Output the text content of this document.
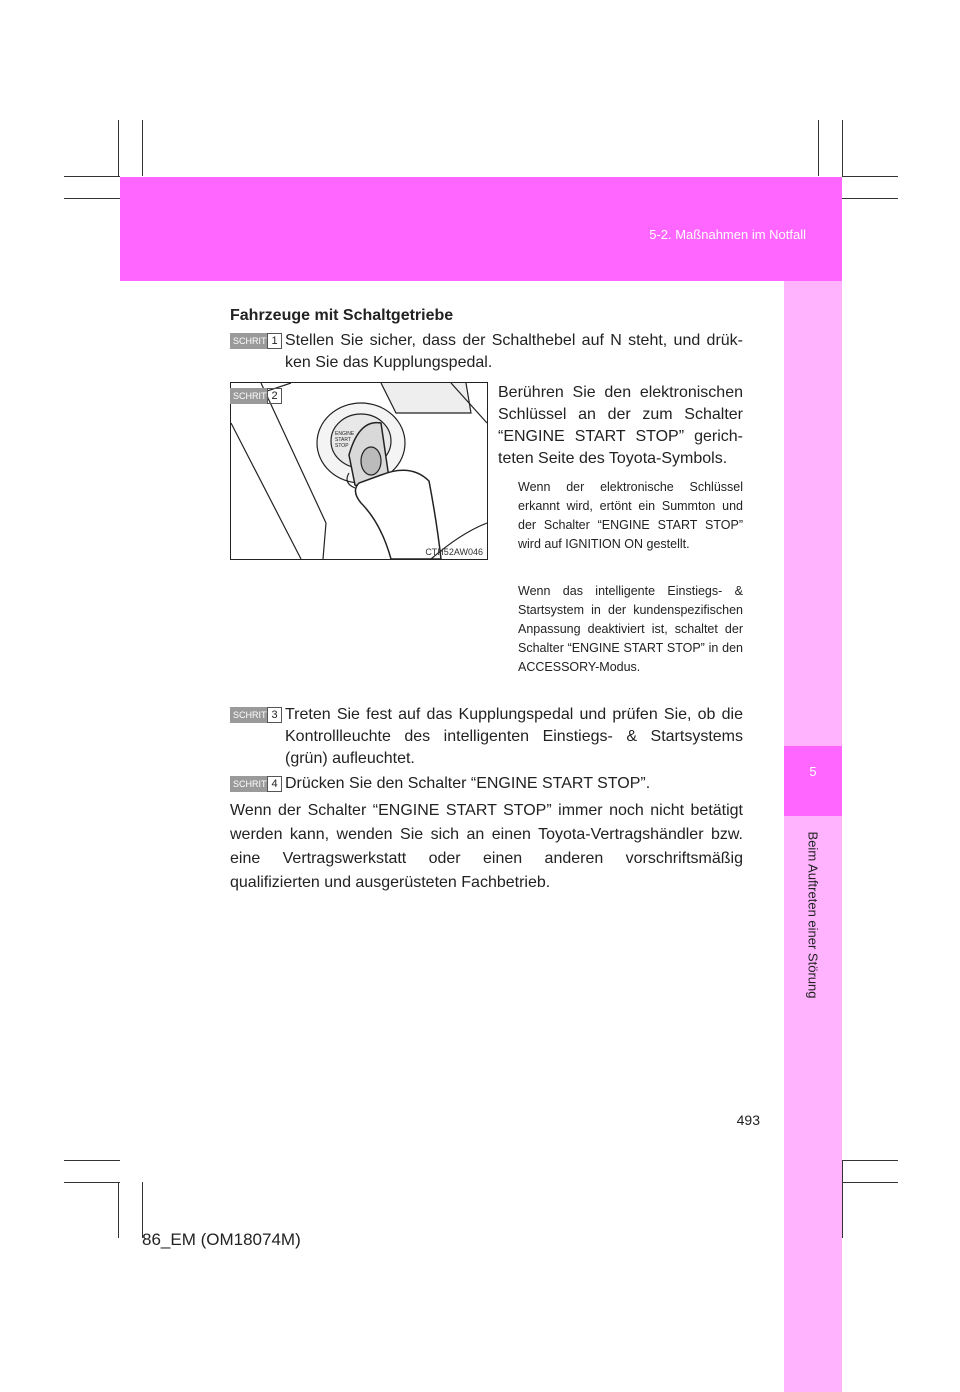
5-2. Maßnahmen im Notfall
5
Beim Auftreten einer Störung
Fahrzeuge mit Schaltgetriebe
SCHRITT 1 Stellen Sie sicher, dass der Schalthebel auf N steht, und drükken Sie das Kupplungspedal.
SCHRITT 2
ENGINE START STOP
CTH52AW046
Berühren Sie den elektronischen Schlüssel an der zum Schalter “ENGINE START STOP” gerichteten Seite des Toyota-Symbols.
Wenn der elektronische Schlüssel erkannt wird, ertönt ein Summton und der Schalter “ENGINE START STOP” wird auf IGNITION ON gestellt.
Wenn das intelligente Einstiegs- & Startsystem in der kundenspezifischen Anpassung deaktiviert ist, schaltet der Schalter “ENGINE START STOP” in den ACCESSORY-Modus.
SCHRITT 3 Treten Sie fest auf das Kupplungspedal und prüfen Sie, ob die Kontrollleuchte des intelligenten Einstiegs- & Startsystems (grün) aufleuchtet.
SCHRITT 4 Drücken Sie den Schalter “ENGINE START STOP”.
Wenn der Schalter “ENGINE START STOP” immer noch nicht betätigt werden kann, wenden Sie sich an einen Toyota-Vertragshändler bzw. eine Vertragswerkstatt oder einen anderen vorschriftsmäßig qualifizierten und ausgerüsteten Fachbetrieb.
493
86_EM (OM18074M)
